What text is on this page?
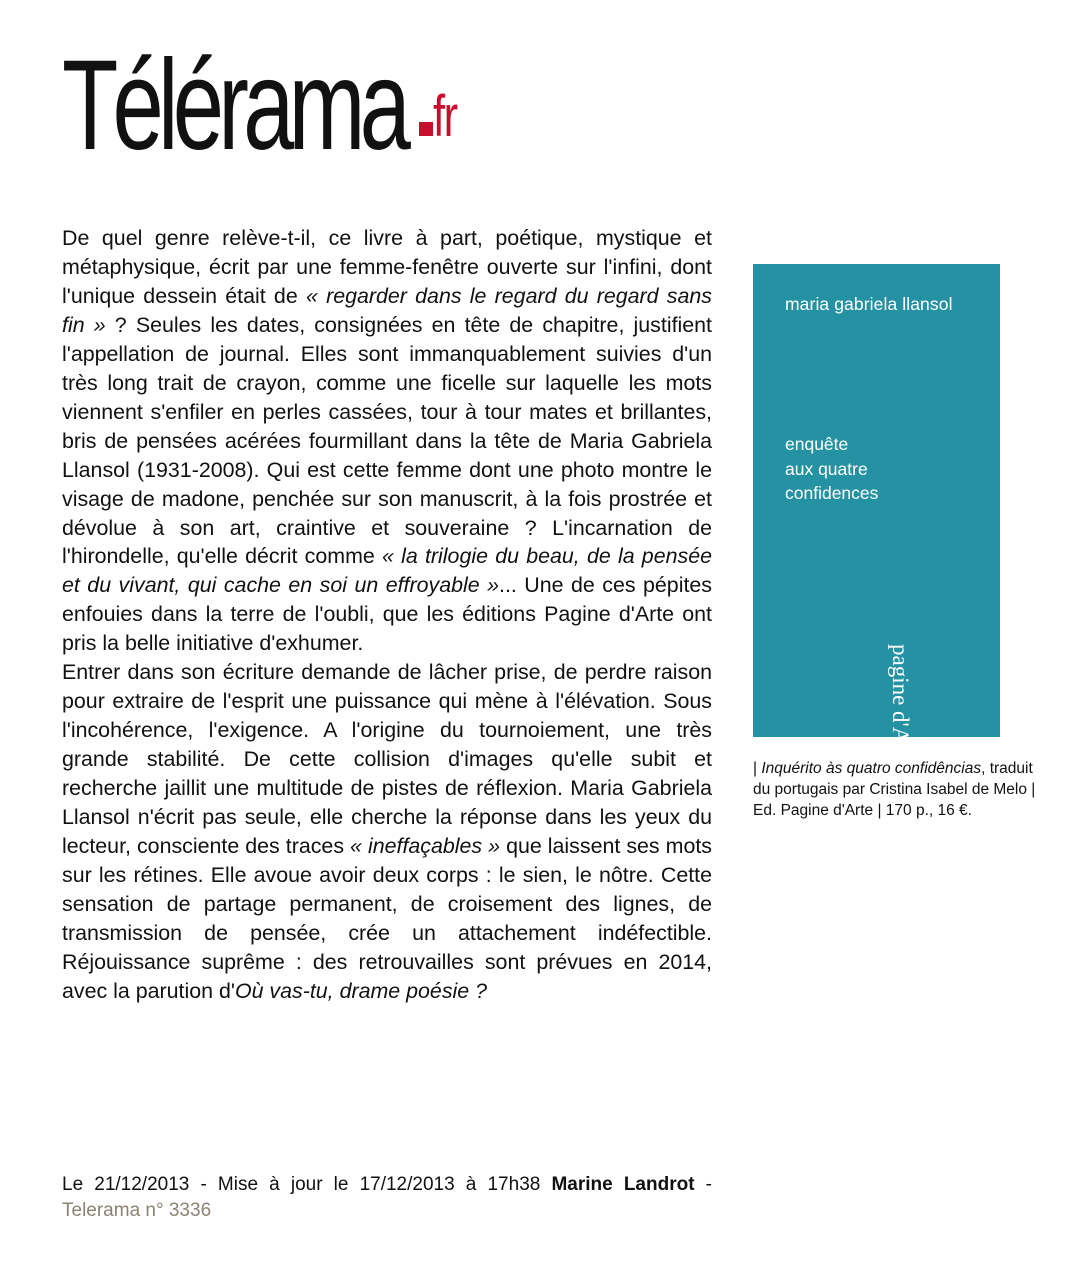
Télérama fr

De quel genre relève-t-il, ce livre à part, poétique, mystique et métaphysique, écrit par une femme-fenêtre ouverte sur l'infini, dont l'unique dessein était de « regarder dans le regard du regard sans fin » ? Seules les dates, consignées en tête de chapitre, justifient l'appellation de journal. Elles sont immanquablement suivies d'un très long trait de crayon, comme une ficelle sur laquelle les mots viennent s'enfiler en perles cassées, tour à tour mates et brillantes, bris de pensées acérées fourmillant dans la tête de Maria Gabriela Llansol (1931-2008). Qui est cette femme dont une photo montre le visage de madone, penchée sur son manuscrit, à la fois prostrée et dévolue à son art, craintive et souveraine ? L'incarnation de l'hirondelle, qu'elle décrit comme « la trilogie du beau, de la pensée et du vivant, qui cache en soi un effroyable »... Une de ces pépites enfouies dans la terre de l'oubli, que les éditions Pagine d'Arte ont pris la belle initiative d'exhumer.

Entrer dans son écriture demande de lâcher prise, de perdre raison pour extraire de l'esprit une puissance qui mène à l'élévation. Sous l'incohérence, l'exigence. A l'origine du tournoiement, une très grande stabilité. De cette collision d'images qu'elle subit et recherche jaillit une multitude de pistes de réflexion. Maria Gabriela Llansol n'écrit pas seule, elle cherche la réponse dans les yeux du lecteur, consciente des traces « ineffaçables » que laissent ses mots sur les rétines. Elle avoue avoir deux corps : le sien, le nôtre. Cette sensation de partage permanent, de croisement des lignes, de transmission de pensée, crée un attachement indéfectible. Réjouissance suprême : des retrouvailles sont prévues en 2014, avec la parution d'Où vas-tu, drame poésie ?

Le 21/12/2013 - Mise à jour le 17/12/2013 à 17h38 Marine Landrot - Telerama n° 3336
maria gabriela llansol
enquête
aux quatre
confidences
pagine d'Arte
| Inquérito às quatro confidências, traduit du portugais par Cristina Isabel de Melo | Ed. Pagine d'Arte | 170 p., 16 €.
